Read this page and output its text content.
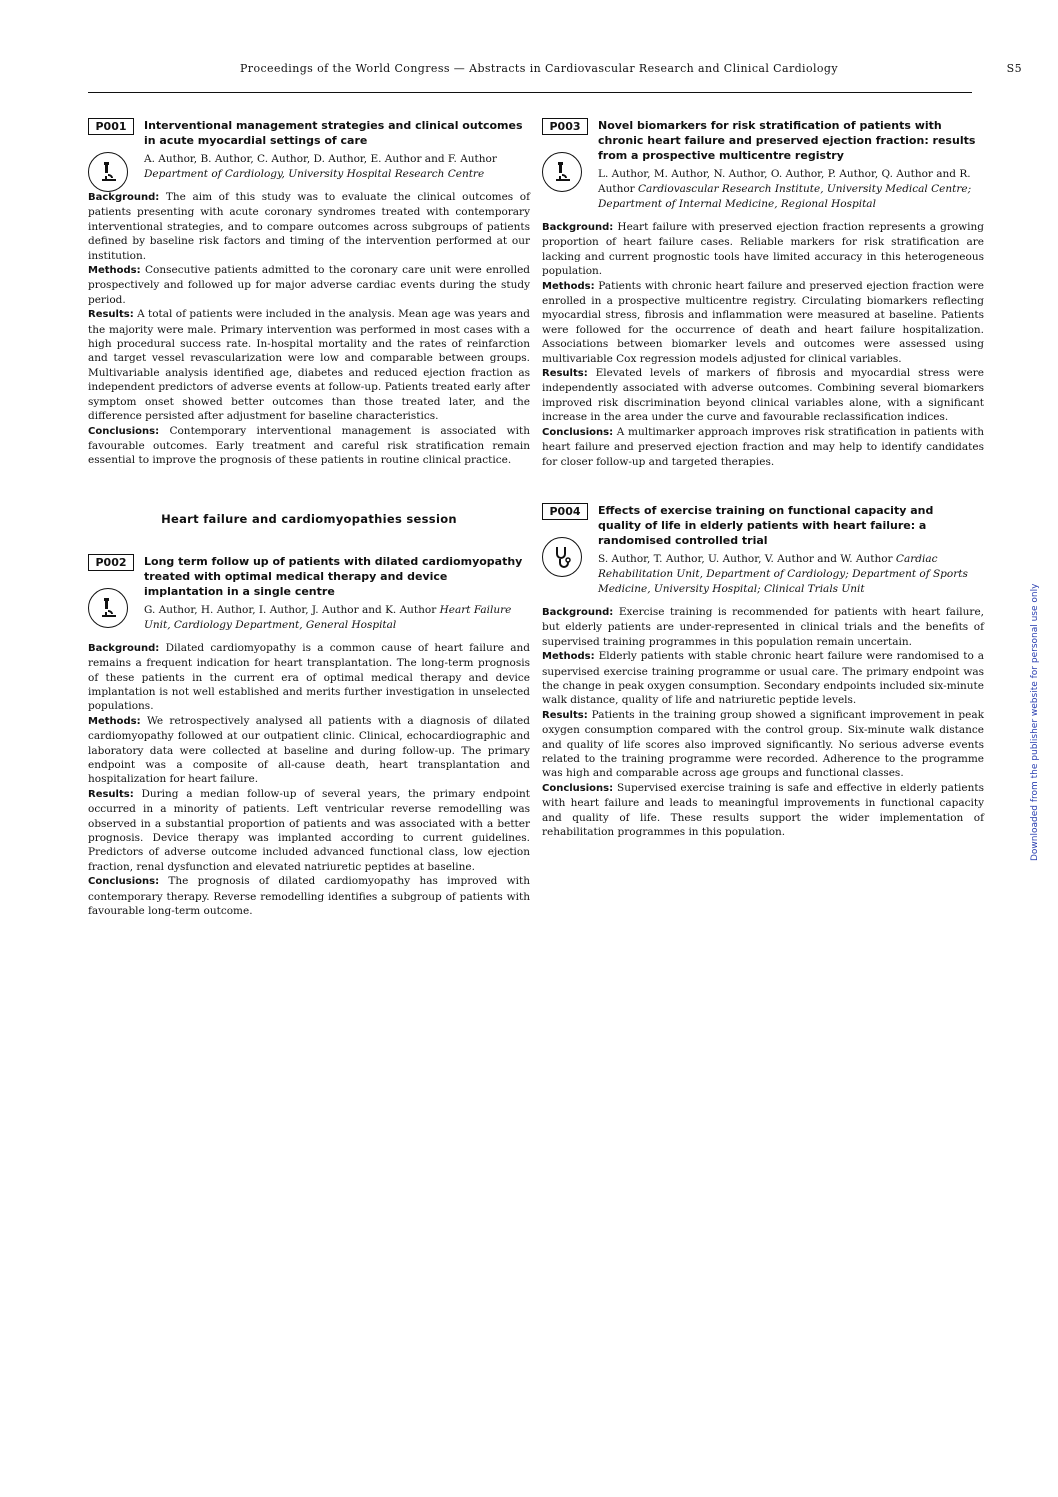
Proceedings of the World Congress — Abstracts in Cardiovascular Research and Clinical Cardiology	S5
P001	Interventional management strategies and clinical outcomes in acute myocardial settings of care
A. Author, B. Author, C. Author, D. Author, E. Author and F. Author Department of Cardiology, University Hospital Research Centre

Background: The aim of this study was to evaluate the clinical outcomes of patients presenting with acute coronary syndromes treated with contemporary interventional strategies, and to compare outcomes across subgroups of patients defined by baseline risk factors and timing of the intervention performed at our institution.

Methods: Consecutive patients admitted to the coronary care unit were enrolled prospectively and followed up for major adverse cardiac events during the study period.

Results: A total of patients were included in the analysis. Mean age was years and the majority were male. Primary intervention was performed in most cases with a high procedural success rate. In-hospital mortality and the rates of reinfarction and target vessel revascularization were low and comparable between groups. Multivariable analysis identified age, diabetes and reduced ejection fraction as independent predictors of adverse events at follow-up. Patients treated early after symptom onset showed better outcomes than those treated later, and the difference persisted after adjustment for baseline characteristics.

Conclusions: Contemporary interventional management is associated with favourable outcomes. Early treatment and careful risk stratification remain essential to improve the prognosis of these patients in routine clinical practice.

Heart failure and cardiomyopathies session
P002	Long term follow up of patients with dilated cardiomyopathy treated with optimal medical therapy and device implantation in a single centre
G. Author, H. Author, I. Author, J. Author and K. Author Heart Failure Unit, Cardiology Department, General Hospital

Background: Dilated cardiomyopathy is a common cause of heart failure and remains a frequent indication for heart transplantation. The long-term prognosis of these patients in the current era of optimal medical therapy and device implantation is not well established and merits further investigation in unselected populations.

Methods: We retrospectively analysed all patients with a diagnosis of dilated cardiomyopathy followed at our outpatient clinic. Clinical, echocardiographic and laboratory data were collected at baseline and during follow-up. The primary endpoint was a composite of all-cause death, heart transplantation and hospitalization for heart failure.

Results: During a median follow-up of several years, the primary endpoint occurred in a minority of patients. Left ventricular reverse remodelling was observed in a substantial proportion of patients and was associated with a better prognosis. Device therapy was implanted according to current guidelines. Predictors of adverse outcome included advanced functional class, low ejection fraction, renal dysfunction and elevated natriuretic peptides at baseline.

Conclusions: The prognosis of dilated cardiomyopathy has improved with contemporary therapy. Reverse remodelling identifies a subgroup of patients with favourable long-term outcome.

P003	Novel biomarkers for risk stratification of patients with chronic heart failure and preserved ejection fraction: results from a prospective multicentre registry
L. Author, M. Author, N. Author, O. Author, P. Author, Q. Author and R. Author Cardiovascular Research Institute, University Medical Centre; Department of Internal Medicine, Regional Hospital

Background: Heart failure with preserved ejection fraction represents a growing proportion of heart failure cases. Reliable markers for risk stratification are lacking and current prognostic tools have limited accuracy in this heterogeneous population.

Methods: Patients with chronic heart failure and preserved ejection fraction were enrolled in a prospective multicentre registry. Circulating biomarkers reflecting myocardial stress, fibrosis and inflammation were measured at baseline. Patients were followed for the occurrence of death and heart failure hospitalization. Associations between biomarker levels and outcomes were assessed using multivariable Cox regression models adjusted for clinical variables.

Results: Elevated levels of markers of fibrosis and myocardial stress were independently associated with adverse outcomes. Combining several biomarkers improved risk discrimination beyond clinical variables alone, with a significant increase in the area under the curve and favourable reclassification indices.

Conclusions: A multimarker approach improves risk stratification in patients with heart failure and preserved ejection fraction and may help to identify candidates for closer follow-up and targeted therapies.

P004	Effects of exercise training on functional capacity and quality of life in elderly patients with heart failure: a randomised controlled trial
S. Author, T. Author, U. Author, V. Author and W. Author Cardiac Rehabilitation Unit, Department of Cardiology; Department of Sports Medicine, University Hospital; Clinical Trials Unit

Background: Exercise training is recommended for patients with heart failure, but elderly patients are under-represented in clinical trials and the benefits of supervised training programmes in this population remain uncertain.

Methods: Elderly patients with stable chronic heart failure were randomised to a supervised exercise training programme or usual care. The primary endpoint was the change in peak oxygen consumption. Secondary endpoints included six-minute walk distance, quality of life and natriuretic peptide levels.

Results: Patients in the training group showed a significant improvement in peak oxygen consumption compared with the control group. Six-minute walk distance and quality of life scores also improved significantly. No serious adverse events related to the training programme were recorded. Adherence to the programme was high and comparable across age groups and functional classes.

Conclusions: Supervised exercise training is safe and effective in elderly patients with heart failure and leads to meaningful improvements in functional capacity and quality of life. These results support the wider implementation of rehabilitation programmes in this population.	Downloaded from the publisher website for personal use only
